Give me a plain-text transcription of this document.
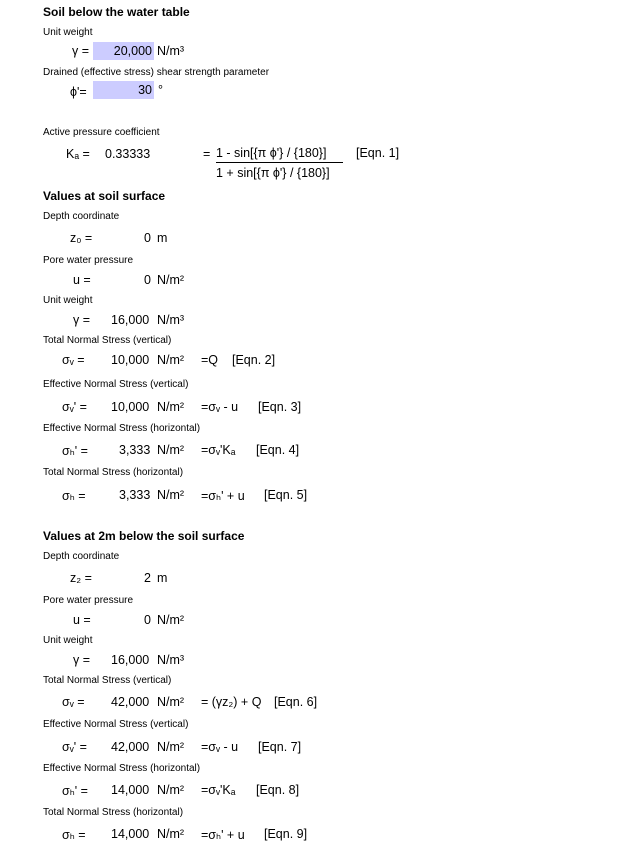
Soil below the water table
Unit weight
γ =	20,000 N/m³
Drained (effective stress) shear strength parameter
ϕ'=	30 °
Active pressure coefficient
Kₐ = 0.33333	= 1 - sin[{π ϕ'} / {180}]
1 + sin[{π ϕ'} / {180}]
[Eqn. 1]
Values at soil surface
Depth coordinate
z₀ =	0 m
Pore water pressure
u =	0 N/m²
Unit weight
γ = 16,000 N/m³
Total Normal Stress (vertical)
σᵥ = 10,000 N/m² =Q [Eqn. 2]
Effective Normal Stress (vertical)
σᵥ' = 10,000 N/m² =σᵥ - u [Eqn. 3]
Effective Normal Stress (horizontal)
σₕ' = 3,333 N/m² =σᵥ'Kₐ [Eqn. 4]
Total Normal Stress (horizontal)
σₕ =	3,333 N/m² =σₕ' + u [Eqn. 5]
Values at 2m below the soil surface
Depth coordinate
z₂ =	2 m
Pore water pressure
u =	0 N/m²
Unit weight
γ = 16,000 N/m³
Total Normal Stress (vertical)
σᵥ = 42,000 N/m² = (γz₂) + Q [Eqn. 6]
Effective Normal Stress (vertical)
σᵥ' = 42,000 N/m² =σᵥ - u [Eqn. 7]
Effective Normal Stress (horizontal)
σₕ' = 14,000 N/m² =σᵥ'Kₐ [Eqn. 8]
Total Normal Stress (horizontal)
σₕ = 14,000 N/m² =σₕ' + u [Eqn. 9]
